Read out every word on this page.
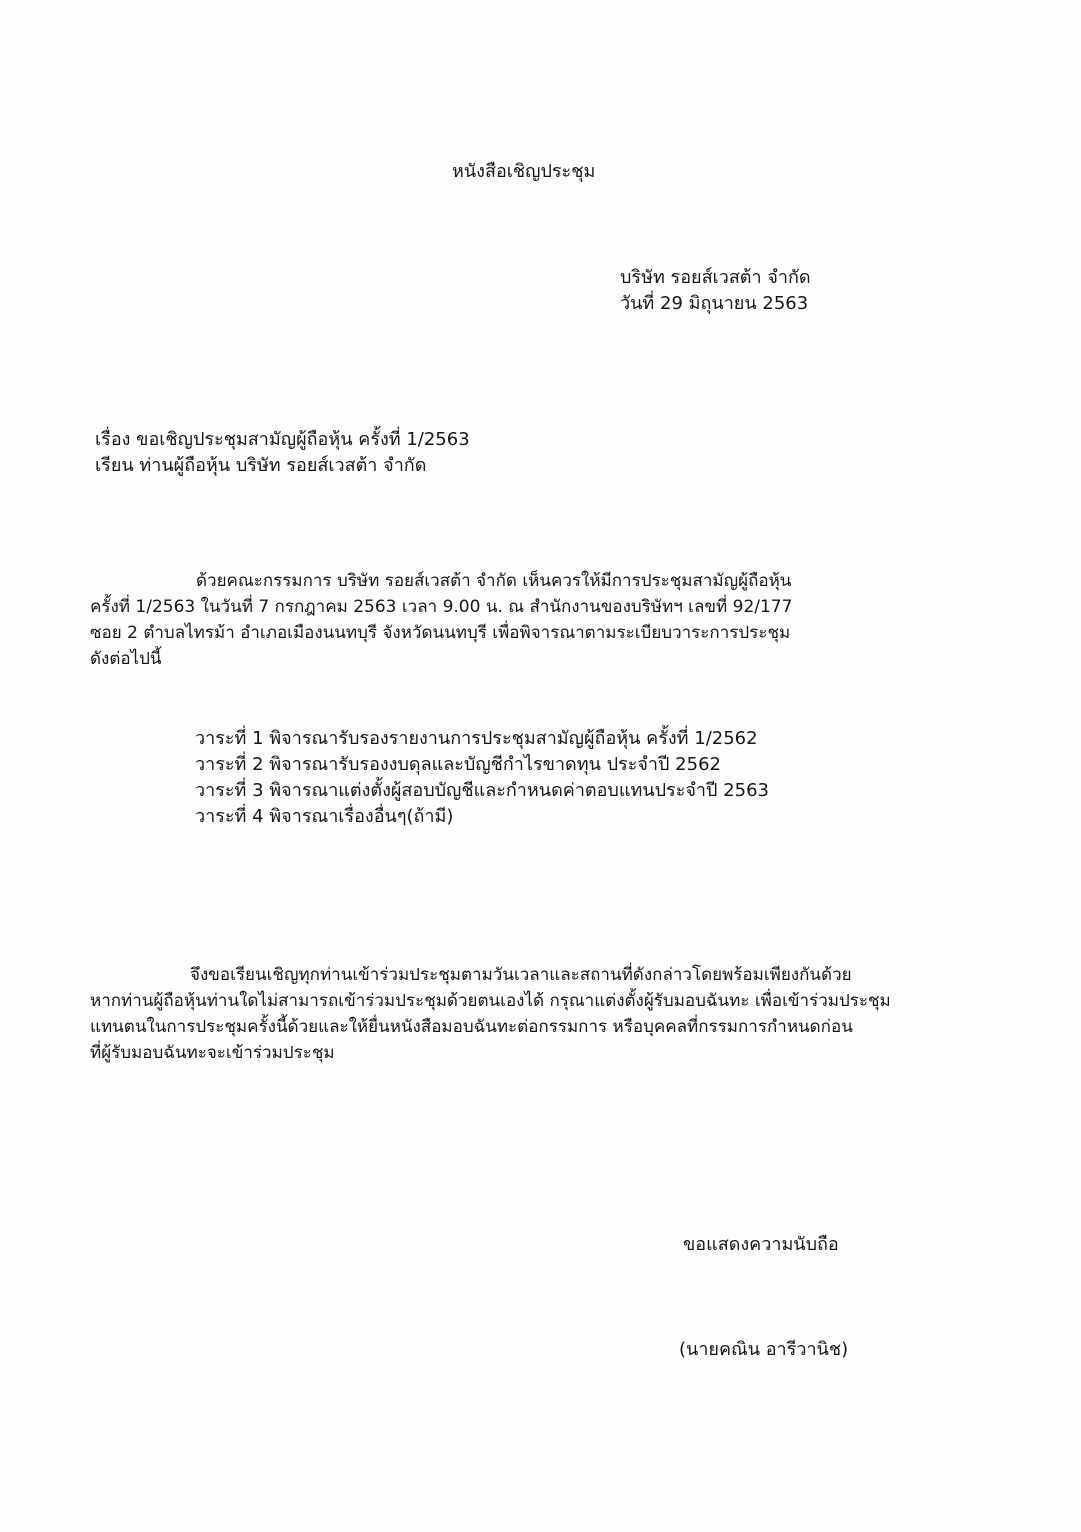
หนังสือเชิญประชุม
บริษัท รอยส์เวสต้า จำกัด
วันที่ 29 มิถุนายน 2563
เรื่อง ขอเชิญประชุมสามัญผู้ถือหุ้น ครั้งที่ 1/2563
เรียน ท่านผู้ถือหุ้น บริษัท รอยส์เวสต้า จำกัด
ด้วยคณะกรรมการ บริษัท รอยส์เวสต้า จำกัด เห็นควรให้มีการประชุมสามัญผู้ถือหุ้น
ครั้งที่ 1/2563 ในวันที่ 7 กรกฎาคม 2563 เวลา 9.00 น. ณ สำนักงานของบริษัทฯ เลขที่ 92/177
ซอย 2 ตำบลไทรม้า อำเภอเมืองนนทบุรี จังหวัดนนทบุรี เพื่อพิจารณาตามระเบียบวาระการประชุม
ดังต่อไปนี้
วาระที่ 1 พิจารณารับรองรายงานการประชุมสามัญผู้ถือหุ้น ครั้งที่ 1/2562
วาระที่ 2 พิจารณารับรองงบดุลและบัญชีกำไรขาดทุน ประจำปี 2562
วาระที่ 3 พิจารณาแต่งตั้งผู้สอบบัญชีและกำหนดค่าตอบแทนประจำปี 2563
วาระที่ 4 พิจารณาเรื่องอื่นๆ(ถ้ามี)
จึงขอเรียนเชิญทุกท่านเข้าร่วมประชุมตามวันเวลาและสถานที่ดังกล่าวโดยพร้อมเพียงกันด้วย
หากท่านผู้ถือหุ้นท่านใดไม่สามารถเข้าร่วมประชุมด้วยตนเองได้ กรุณาแต่งตั้งผู้รับมอบฉันทะ เพื่อเข้าร่วมประชุม
แทนตนในการประชุมครั้งนี้ด้วยและให้ยื่นหนังสือมอบฉันทะต่อกรรมการ หรือบุคคลที่กรรมการกำหนดก่อน
ที่ผู้รับมอบฉันทะจะเข้าร่วมประชุม
ขอแสดงความนับถือ
(นายคณิน อารีวานิช)
